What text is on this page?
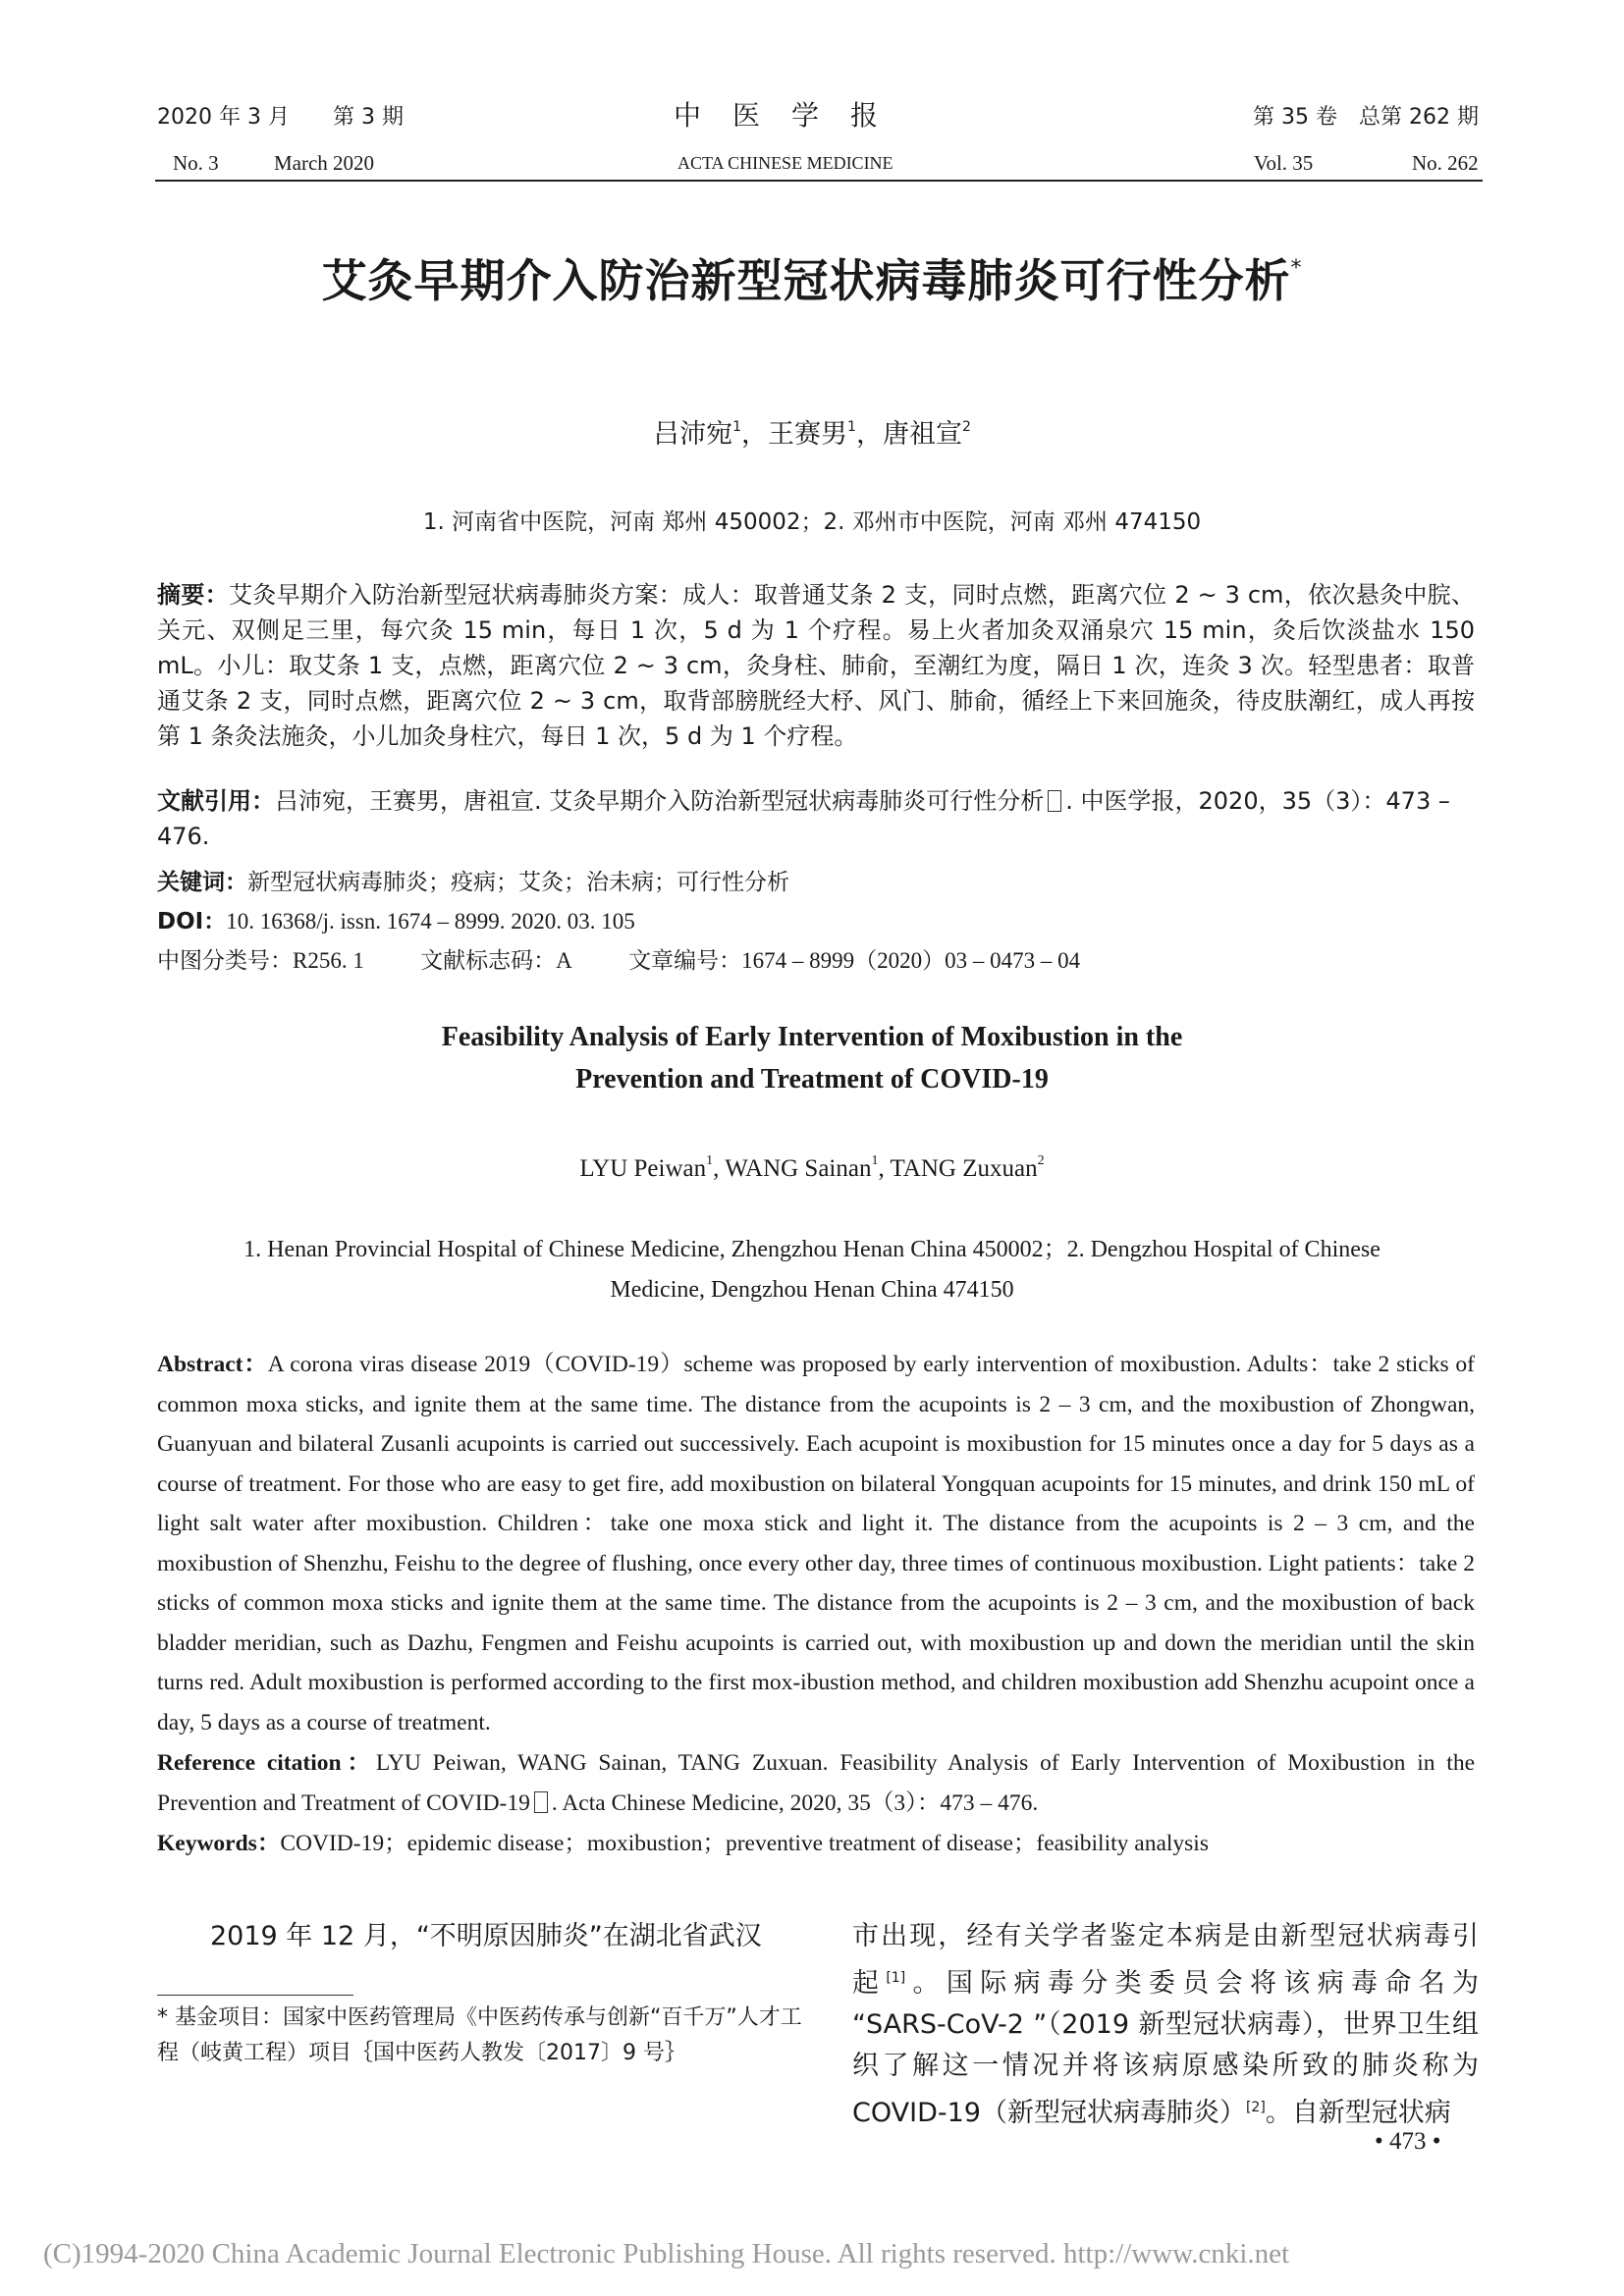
2020 年 3 月　　第 3 期	中　医　学　报	第 35 卷　总第 262 期
No. 3	March 2020	ACTA CHINESE MEDICINE	Vol. 35	No. 262
艾灸早期介入防治新型冠状病毒肺炎可行性分析*
吕沛宛$^1$，王赛男$^1$，唐祖宣$^2$
1. 河南省中医院，河南 郑州 450002；2. 邓州市中医院，河南 邓州 474150
摘要：艾灸早期介入防治新型冠状病毒肺炎方案：成人：取普通艾条 2 支，同时点燃，距离穴位 2 ~ 3 cm，依次悬灸中脘、关元、双侧足三里，每穴灸 15 min，每日 1 次，5 d 为 1 个疗程。易上火者加灸双涌泉穴 15 min，灸后饮淡盐水 150 mL。小儿：取艾条 1 支，点燃，距离穴位 2 ~ 3 cm，灸身柱、肺俞，至潮红为度，隔日 1 次，连灸 3 次。轻型患者：取普通艾条 2 支，同时点燃，距离穴位 2 ~ 3 cm，取背部膀胱经大杼、风门、肺俞，循经上下来回施灸，待皮肤潮红，成人再按第 1 条灸法施灸，小儿加灸身柱穴，每日 1 次，5 d 为 1 个疗程。
文献引用：吕沛宛，王赛男，唐祖宣. 艾灸早期介入防治新型冠状病毒肺炎可行性分析 . 中医学报，2020，35（3）：473 –
476.
关键词：新型冠状病毒肺炎；疫病；艾灸；治未病；可行性分析
DOI：10. 16368/j. issn. 1674 – 8999. 2020. 03. 105
中图分类号：R256. 1 文献标志码：A 文章编号：1674 – 8999（2020）03 – 0473 – 04
Feasibility Analysis of Early Intervention of Moxibustion in the
Prevention and Treatment of COVID-19
LYU Peiwan$^1$, WANG Sainan$^1$, TANG Zuxuan$^2$
1. Henan Provincial Hospital of Chinese Medicine, Zhengzhou Henan China 450002；2. Dengzhou Hospital of Chinese Medicine, Dengzhou Henan China 474150
Abstract：A corona viras disease 2019（COVID-19）scheme was proposed by early intervention of moxibustion. Adults：take 2 sticks of common moxa sticks, and ignite them at the same time. The distance from the acupoints is 2 – 3 cm, and the moxibustion of Zhongwan, Guanyuan and bilateral Zusanli acupoints is carried out successively. Each acupoint is moxibustion for 15 minutes once a day for 5 days as a course of treatment. For those who are easy to get fire, add moxibustion on bilateral Yongquan acupoints for 15 minutes, and drink 150 mL of light salt water after moxibustion. Children：take one moxa stick and light it. The distance from the acupoints is 2 – 3 cm, and the moxibustion of Shenzhu, Feishu to the degree of flushing, once every other day, three times of continuous moxibustion. Light patients：take 2 sticks of common moxa sticks and ignite them at the same time. The distance from the acupoints is 2 – 3 cm, and the moxibustion of back bladder meridian, such as Dazhu, Fengmen and Feishu acupoints is carried out, with moxibustion up and down the meridian until the skin turns red. Adult moxibustion is performed according to the first mox-ibustion method, and children moxibustion add Shenzhu acupoint once a day, 5 days as a course of treatment.
Reference citation：LYU Peiwan, WANG Sainan, TANG Zuxuan. Feasibility Analysis of Early Intervention of Moxibustion in the Prevention and Treatment of COVID-19 . Acta Chinese Medicine, 2020, 35（3）：473 – 476.
Keywords：COVID-19；epidemic disease；moxibustion；preventive treatment of disease；feasibility analysis
2019 年 12 月，“不明原因肺炎”在湖北省武汉	市出现，经有关学者鉴定本病是由新型冠状病毒引
起[1]。国际病毒分类委员会将该病毒命名为
“SARS-CoV-2 ”（2019 新型冠状病毒），世界卫生组
织了解这一情况并将该病原感染所致的肺炎称为
COVID-19（新型冠状病毒肺炎）[2]。自新型冠状病
* 基金项目：国家中医药管理局《中医药传承与创新“百千万”人才工程（岐黄工程）项目｛国中医药人教发〔2017〕9 号｝
• 473 •
(C)1994-2020 China Academic Journal Electronic Publishing House. All rights reserved. http://www.cnki.net
